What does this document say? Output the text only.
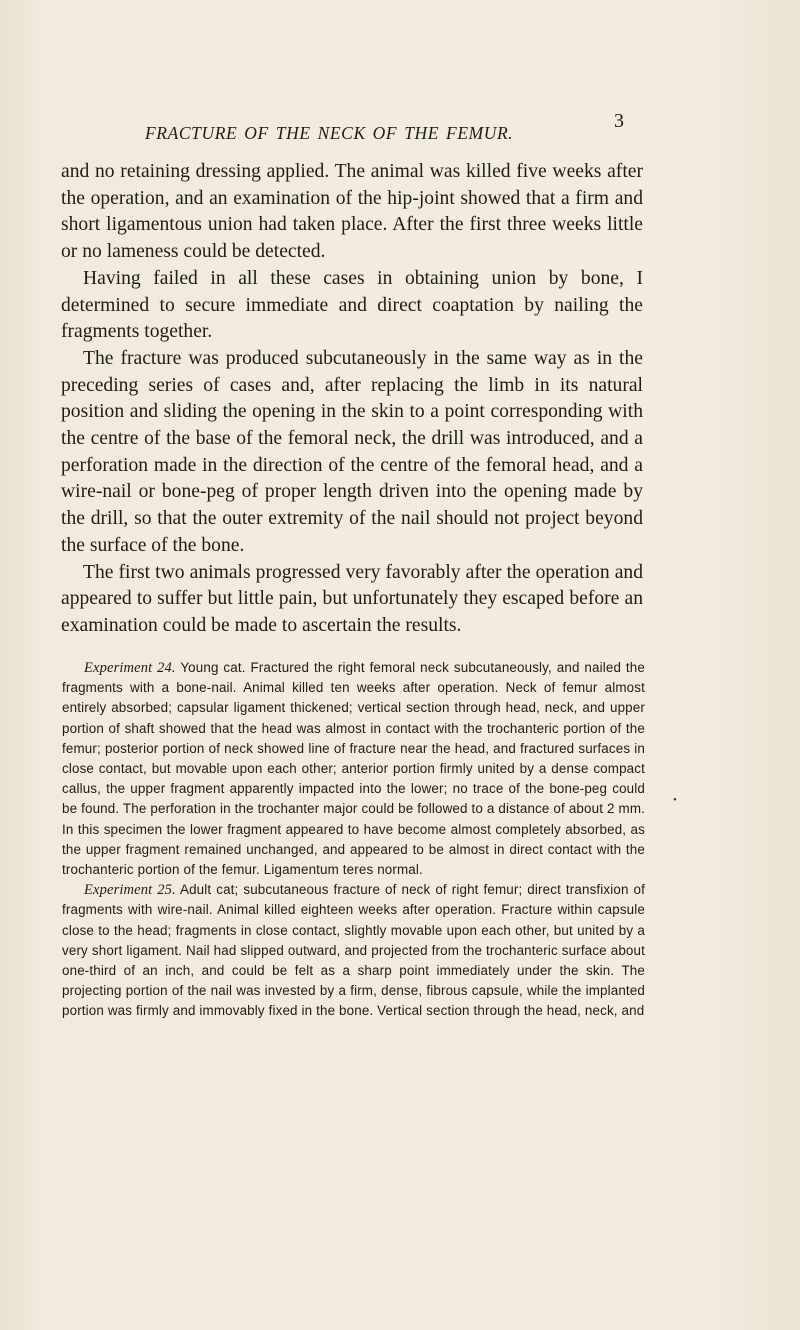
FRACTURE OF THE NECK OF THE FEMUR.
3

and no retaining dressing applied. The animal was killed five weeks after the operation, and an examination of the hip-joint showed that a firm and short ligamentous union had taken place. After the first three weeks little or no lameness could be detected.

Having failed in all these cases in obtaining union by bone, I determined to secure immediate and direct coaptation by nailing the fragments together.

The fracture was produced subcutaneously in the same way as in the preceding series of cases and, after replacing the limb in its natural position and sliding the opening in the skin to a point corresponding with the centre of the base of the femoral neck, the drill was introduced, and a perforation made in the direction of the centre of the femoral head, and a wire-nail or bone-peg of proper length driven into the opening made by the drill, so that the outer extremity of the nail should not project beyond the surface of the bone.

The first two animals progressed very favorably after the operation and appeared to suffer but little pain, but unfortunately they escaped before an examination could be made to ascertain the results.

Experiment 24. Young cat. Fractured the right femoral neck subcutaneously, and nailed the fragments with a bone-nail. Animal killed ten weeks after operation. Neck of femur almost entirely absorbed; capsular ligament thickened; vertical section through head, neck, and upper portion of shaft showed that the head was almost in contact with the trochanteric portion of the femur; posterior portion of neck showed line of fracture near the head, and fractured surfaces in close contact, but movable upon each other; anterior portion firmly united by a dense compact callus, the upper fragment apparently impacted into the lower; no trace of the bone-peg could be found. The perforation in the trochanter major could be followed to a distance of about 2 mm. In this specimen the lower fragment appeared to have become almost completely absorbed, as the upper fragment remained unchanged, and appeared to be almost in direct contact with the trochanteric portion of the femur. Ligamentum teres normal.

Experiment 25. Adult cat; subcutaneous fracture of neck of right femur; direct transfixion of fragments with wire-nail. Animal killed eighteen weeks after operation. Fracture within capsule close to the head; fragments in close contact, slightly movable upon each other, but united by a very short ligament. Nail had slipped outward, and projected from the trochanteric surface about one-third of an inch, and could be felt as a sharp point immediately under the skin. The projecting portion of the nail was invested by a firm, dense, fibrous capsule, while the implanted portion was firmly and immovably fixed in the bone. Vertical section through the head, neck, and

•
